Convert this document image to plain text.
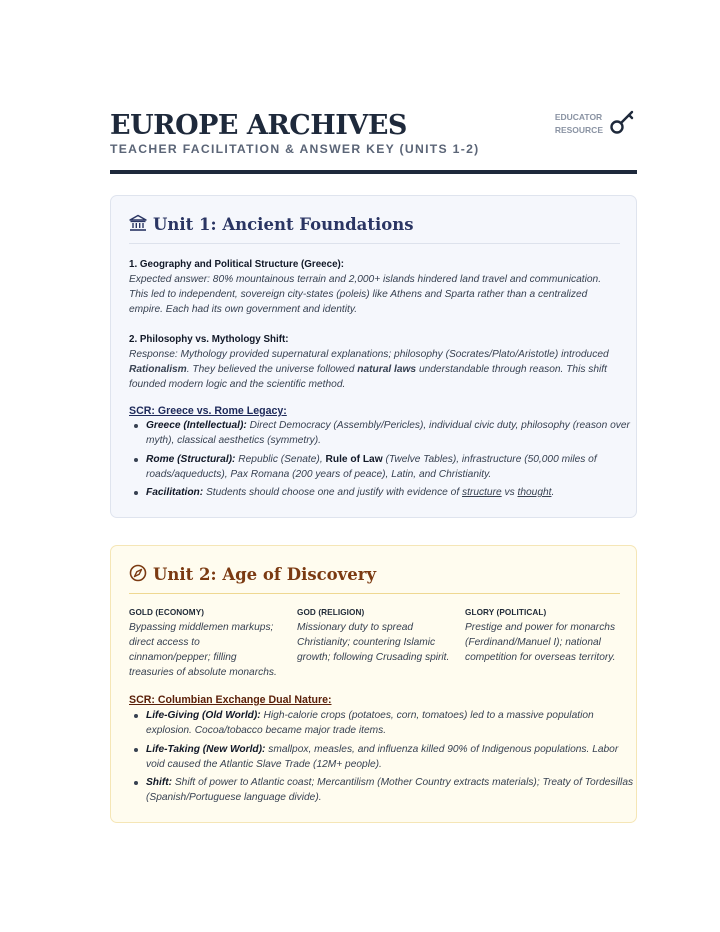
EUROPE ARCHIVES
TEACHER FACILITATION & ANSWER KEY (UNITS 1-2)
EDUCATOR
RESOURCE
Unit 1: Ancient Foundations
1. Geography and Political Structure (Greece):
Expected answer: 80% mountainous terrain and 2,000+ islands hindered land travel and communication. This led to independent, sovereign city-states (poleis) like Athens and Sparta rather than a centralized empire. Each had its own government and identity.
2. Philosophy vs. Mythology Shift:
Response: Mythology provided supernatural explanations; philosophy (Socrates/Plato/Aristotle) introduced Rationalism. They believed the universe followed natural laws understandable through reason. This shift founded modern logic and the scientific method.
SCR: Greece vs. Rome Legacy:
Greece (Intellectual): Direct Democracy (Assembly/Pericles), individual civic duty, philosophy (reason over myth), classical aesthetics (symmetry).
Rome (Structural): Republic (Senate), Rule of Law (Twelve Tables), infrastructure (50,000 miles of roads/aqueducts), Pax Romana (200 years of peace), Latin, and Christianity.
Facilitation: Students should choose one and justify with evidence of structure vs thought.
Unit 2: Age of Discovery
GOLD (ECONOMY)
Bypassing middlemen markups; direct access to cinnamon/pepper; filling treasuries of absolute monarchs.
GOD (RELIGION)
Missionary duty to spread Christianity; countering Islamic growth; following Crusading spirit.
GLORY (POLITICAL)
Prestige and power for monarchs (Ferdinand/Manuel I); national competition for overseas territory.
SCR: Columbian Exchange Dual Nature:
Life-Giving (Old World): High-calorie crops (potatoes, corn, tomatoes) led to a massive population explosion. Cocoa/tobacco became major trade items.
Life-Taking (New World): smallpox, measles, and influenza killed 90% of Indigenous populations. Labor void caused the Atlantic Slave Trade (12M+ people).
Shift: Shift of power to Atlantic coast; Mercantilism (Mother Country extracts materials); Treaty of Tordesillas (Spanish/Portuguese language divide).
